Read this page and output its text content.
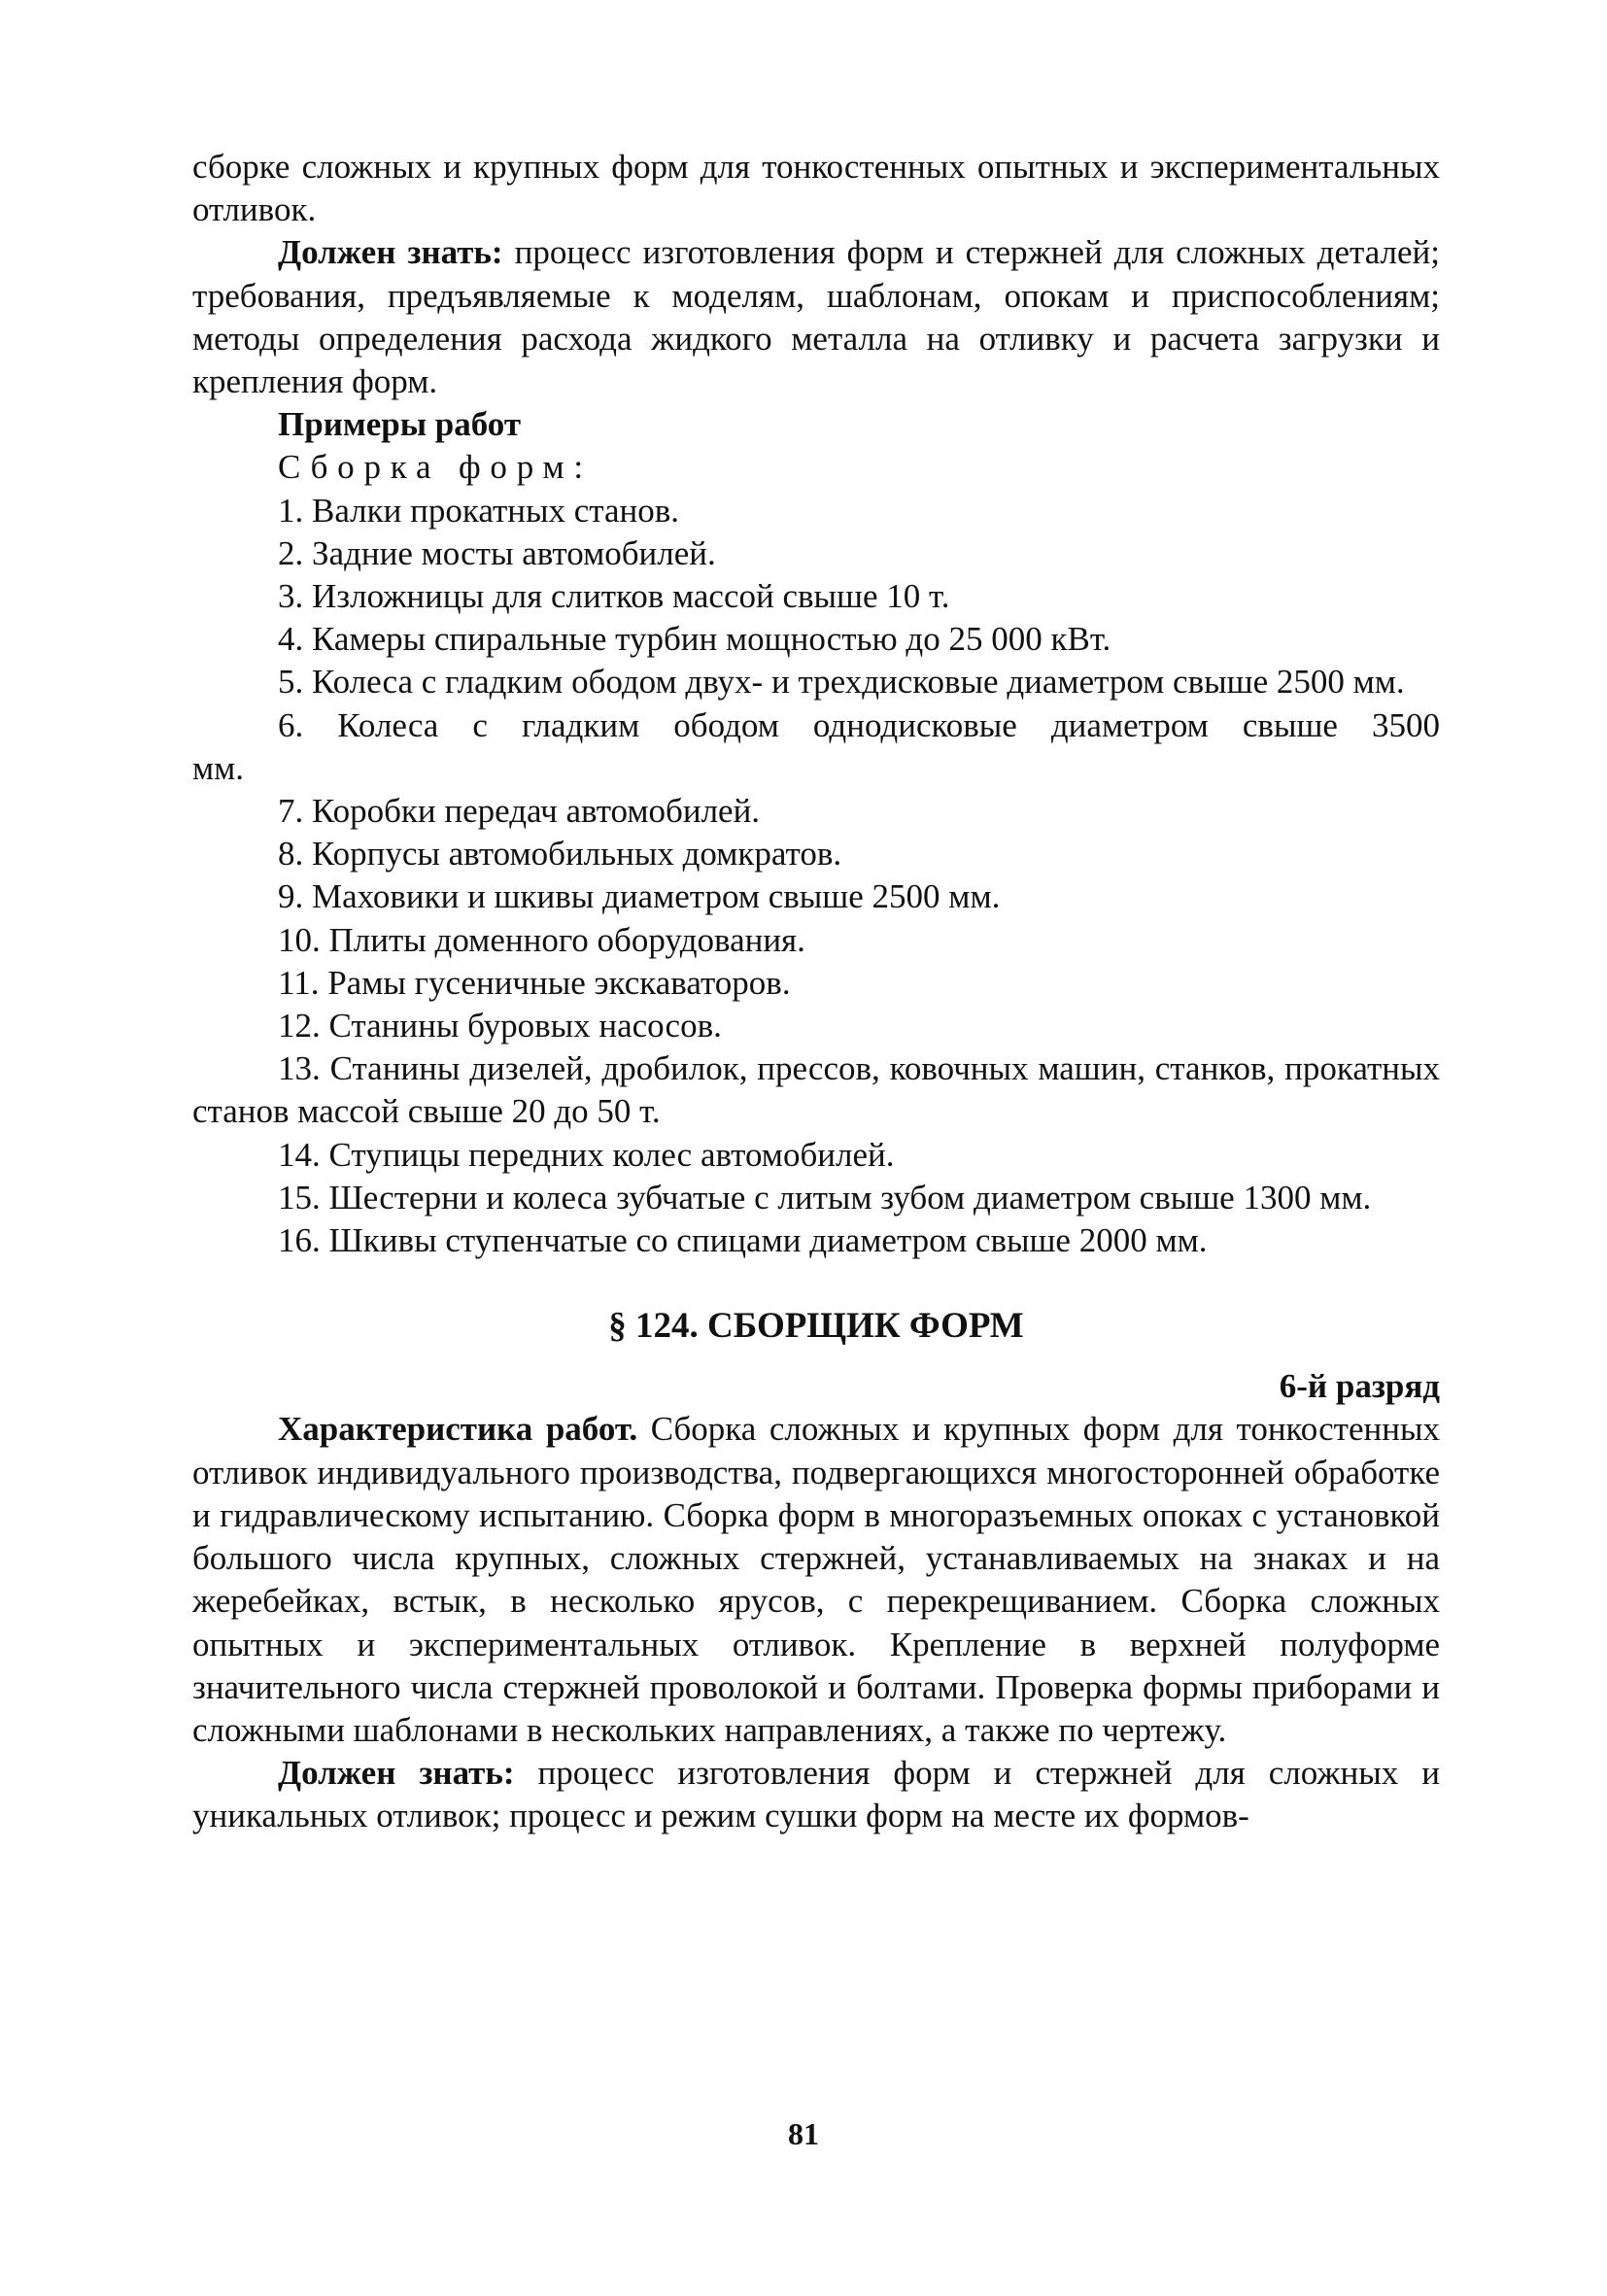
сборке сложных и крупных форм для тонкостенных опытных и экспериментальных отливок.

Должен знать: процесс изготовления форм и стержней для сложных деталей; требования, предъявляемые к моделям, шаблонам, опокам и приспособлениям; методы определения расхода жидкого металла на отливку и расчета загрузки и крепления форм.

Примеры работ

Сборка форм:

1. Валки прокатных станов.

2. Задние мосты автомобилей.

3. Изложницы для слитков массой свыше 10 т.

4. Камеры спиральные турбин мощностью до 25 000 кВт.

5. Колеса с гладким ободом двух- и трехдисковые диаметром свыше 2500 мм.

6. Колеса с гладким ободом однодисковые диаметром свыше 3500 мм.

7. Коробки передач автомобилей.

8. Корпусы автомобильных домкратов.

9. Маховики и шкивы диаметром свыше 2500 мм.

10. Плиты доменного оборудования.

11. Рамы гусеничные экскаваторов.

12. Станины буровых насосов.

13. Станины дизелей, дробилок, прессов, ковочных машин, станков, прокатных станов массой свыше 20 до 50 т.

14. Ступицы передних колес автомобилей.

15. Шестерни и колеса зубчатые с литым зубом диаметром свыше 1300 мм.

16. Шкивы ступенчатые со спицами диаметром свыше 2000 мм.

§ 124. СБОРЩИК ФОРМ

6-й разряд

Характеристика работ. Сборка сложных и крупных форм для тонкостенных отливок индивидуального производства, подвергающихся многосторонней обработке и гидравлическому испытанию. Сборка форм в многоразъемных опоках с установкой большого числа крупных, сложных стержней, устанавливаемых на знаках и на жеребейках, встык, в несколько ярусов, с перекрещиванием. Сборка сложных опытных и экспериментальных отливок. Крепление в верхней полуформе значительного числа стержней проволокой и болтами. Проверка формы приборами и сложными шаблонами в нескольких направлениях, а также по чертежу.

Должен знать: процесс изготовления форм и стержней для сложных и уникальных отливок; процесс и режим сушки форм на месте их формов-

81
